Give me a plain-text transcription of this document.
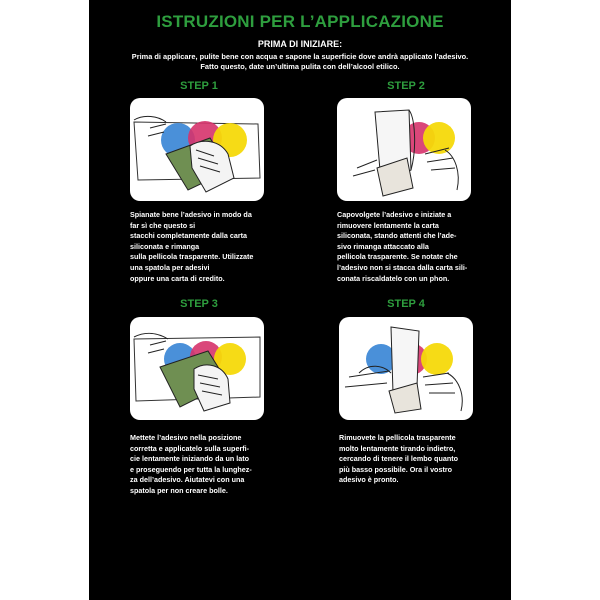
ISTRUZIONI PER L’APPLICAZIONE
PRIMA DI INIZIARE:
Prima di applicare, pulite bene con acqua e sapone la superficie dove andrà applicato l’adesivo.
Fatto questo, date un’ultima pulita con dell’alcool etilico.
STEP 1
Spianate bene l’adesivo in modo da
far sì che questo si
stacchi completamente dalla carta
siliconata e rimanga
sulla pellicola trasparente. Utilizzate
una spatola per adesivi
oppure una carta di credito.
STEP 2
Capovolgete l’adesivo e iniziate a
rimuovere lentamente la carta
siliconata, stando attenti che l’ade-
sivo rimanga attaccato alla
pellicola trasparente. Se notate che
l’adesivo non si stacca dalla carta sili-
conata riscaldatelo con un phon.
STEP 3
Mettete l’adesivo nella posizione
corretta e applicatelo sulla superfi-
cie lentamente iniziando da un lato
e proseguendo per tutta la lunghez-
za dell’adesivo. Aiutatevi con una
spatola per non creare bolle.
STEP 4
Rimuovete la pellicola trasparente
molto lentamente tirando indietro,
cercando di tenere il lembo quanto
più basso possibile. Ora il vostro
adesivo è pronto.
